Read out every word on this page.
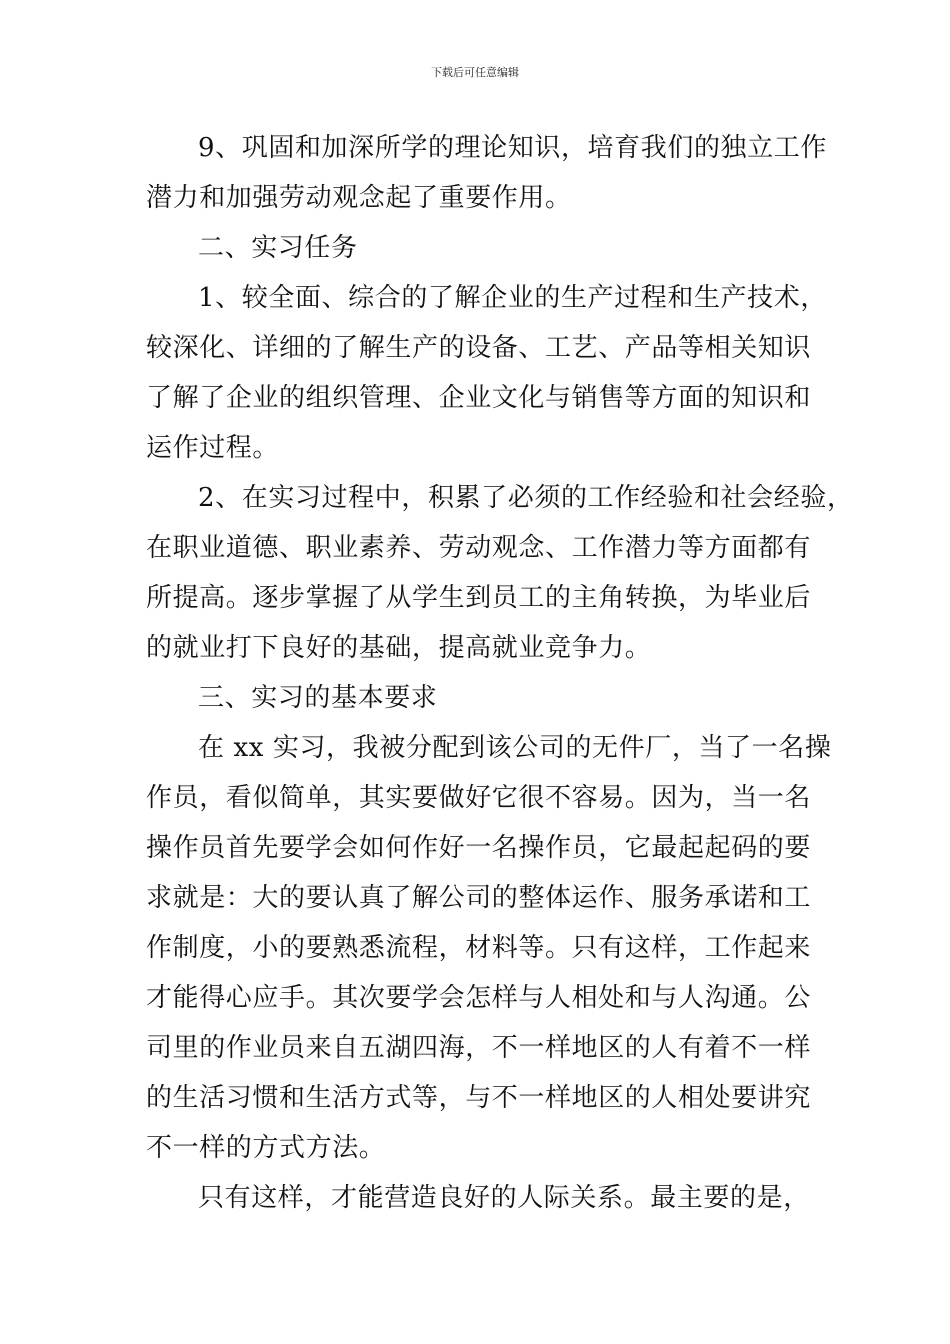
下载后可任意编辑
9、巩固和加深所学的理论知识，培育我们的独立工作
潜力和加强劳动观念起了重要作用。
二、实习任务
1、较全面、综合的了解企业的生产过程和生产技术，
较深化、详细的了解生产的设备、工艺、产品等相关知识
了解了企业的组织管理、企业文化与销售等方面的知识和
运作过程。
2、在实习过程中，积累了必须的工作经验和社会经验，
在职业道德、职业素养、劳动观念、工作潜力等方面都有
所提高。逐步掌握了从学生到员工的主角转换，为毕业后
的就业打下良好的基础，提高就业竞争力。
三、实习的基本要求
在 xx 实习，我被分配到该公司的无件厂，当了一名操
作员，看似简单，其实要做好它很不容易。因为，当一名
操作员首先要学会如何作好一名操作员，它最起起码的要
求就是：大的要认真了解公司的整体运作、服务承诺和工
作制度，小的要熟悉流程，材料等。只有这样，工作起来
才能得心应手。其次要学会怎样与人相处和与人沟通。公
司里的作业员来自五湖四海，不一样地区的人有着不一样
的生活习惯和生活方式等，与不一样地区的人相处要讲究
不一样的方式方法。
只有这样，才能营造良好的人际关系。最主要的是，
